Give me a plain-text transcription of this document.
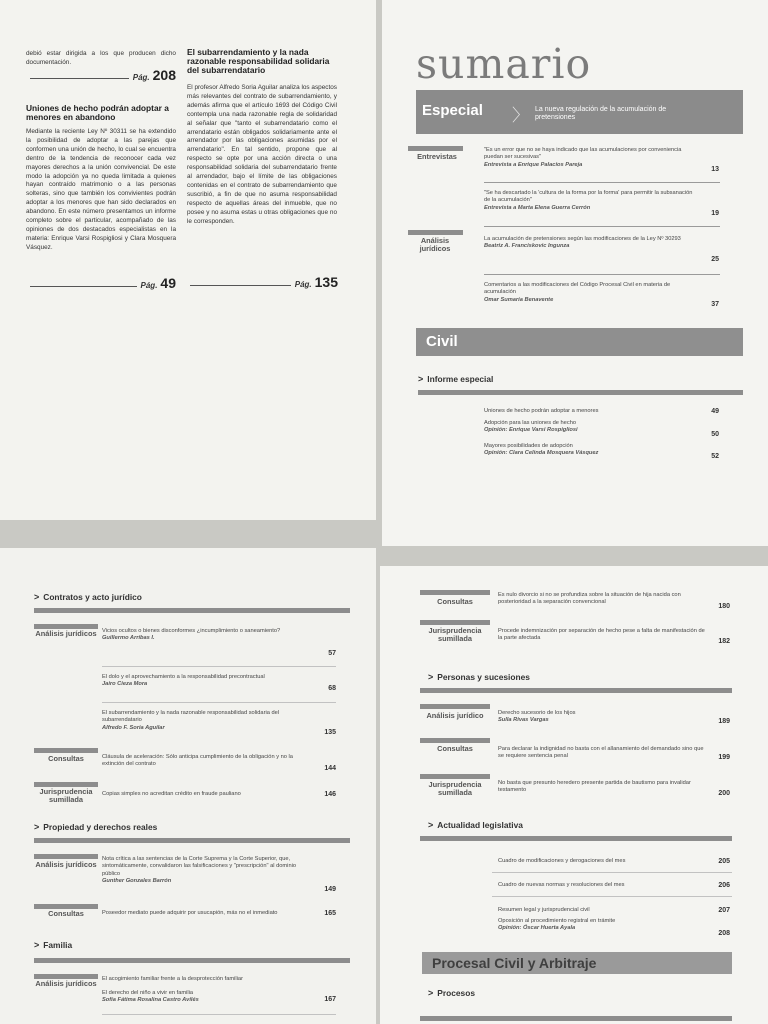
debió estar dirigida a los que producen dicho documentación.

Pág. 208
Uniones de hecho podrán adoptar a menores en abandono

Mediante la reciente Ley Nº 30311 se ha extendido la posibilidad de adoptar a las parejas que conformen una unión de hecho, lo cual se encuentra dentro de la tendencia de reconocer cada vez mayores derechos a la unión convivencial. De este modo la adopción ya no queda limitada a quienes hayan contraído matrimonio o a las personas solteras, sino que también los convivientes podrán adoptar a los menores que han sido declarados en abandono. En este número presentamos un informe completo sobre el particular, acompañado de las opiniones de dos destacados especialistas en la materia: Enrique Varsi Rospigliosi y Clara Mosquera Vásquez.

Pág. 49
El subarrendamiento y la nada razonable responsabilidad solidaria del subarrendatario

El profesor Alfredo Soria Aguilar analiza los aspectos más relevantes del contrato de subarrendamiento, y además afirma que el artículo 1693 del Código Civil contempla una nada razonable regla de solidaridad al señalar que "tanto el subarrendatario como el arrendatario están obligados solidariamente ante el arrendador por las obligaciones asumidas por el arrendatario". En tal sentido, propone que al respecto se opte por una acción directa o una responsabilidad solidaria del subarrendatario frente al arrendador, bajo el límite de las obligaciones contenidas en el contrato de subarrendamiento que suscribió, a fin de que no asuma responsabilidad respecto de aquellas áreas del inmueble, que no posee y no asuma estas u otras obligaciones que no le corresponden.

Pág. 135
sumario
Especial 〉 La nueva regulación de la acumulación de pretensiones
Entrevistas
"Es un error que no se haya indicado que las acumulaciones por conveniencia puedan ser sucesivas"
Entrevista a Enrique Palacios Pareja
13
"Se ha descartado la 'cultura de la forma por la forma' para permitir la subsanación de la acumulación"
Entrevista a Marta Elena Guerra Cerrón
19
Análisis jurídicos
La acumulación de pretensiones según las modificaciones de la Ley Nº 30293
Beatriz A. Franciskovic Ingunza
25
Comentarios a las modificaciones del Código Procesal Civil en materia de acumulación
Omar Sumaria Benavente
37
Civil
> Informe especial
Uniones de hecho podrán adoptar a menores	49
Adopción para las uniones de hecho
Opinión: Enrique Varsi Rospigliosi
50
Mayores posibilidades de adopción
Opinión: Clara Celinda Mosquera Vásquez	52
> Contratos y acto jurídico
Análisis jurídicos Vicios ocultos o bienes disconformes ¿incumplimiento o saneamiento?
Guillermo Arribas I.
57
El dolo y el aprovechamiento a la responsabilidad precontractual
Jairo Cieza Mora
68
El subarrendamiento y la nada razonable responsabilidad solidaria del subarrendatario
Alfredo F. Soria Aguilar
135
Consultas	Cláusula de aceleración: Sólo anticipa cumplimiento de la obligación y no la extinción del contrato
144
Jurisprudencia sumillada
Copias simples no acreditan crédito en fraude pauliano	146
> Propiedad y derechos reales
Análisis jurídicos
Nota crítica a las sentencias de la Corte Suprema y la Corte Superior, que, sintomáticamente, convalidaron las falsificaciones y "prescripción" al dominio público
Gunther Gonzales Barrón
149
Consultas	Poseedor mediato puede adquirir por usucapión, más no el inmediato	165
> Familia
Análisis jurídicos El acogimiento familiar frente a la desprotección familiar
El derecho del niño a vivir en familia
Sofía Fátima Rosalina Castro Avilés	167
Consultas
Es nulo divorcio si no se profundiza sobre la situación de hija nacida con posterioridad a la separación convencional
180
Jurisprudencia sumillada
Procede indemnización por separación de hecho pese a falta de manifestación de la parte afectada	182
> Personas y sucesiones
Análisis jurídico	Derecho sucesorio de los hijos
Sulla Rivas Vargas	189
Consultas	Para declarar la indignidad no basta con el allanamiento del demandado sino que se requiere sentencia penal	199
Jurisprudencia sumillada
No basta que presunto heredero presente partida de bautismo para invalidar testamento	200
> Actualidad legislativa
Cuadro de modificaciones y derogaciones del mes	205
Cuadro de nuevas normas y resoluciones del mes	206
Resumen legal y jurisprudencial civil	207
Oposición al procedimiento registral en trámite
Opinión: Óscar Huerta Ayala
208
Procesal Civil y Arbitraje
> Procesos
